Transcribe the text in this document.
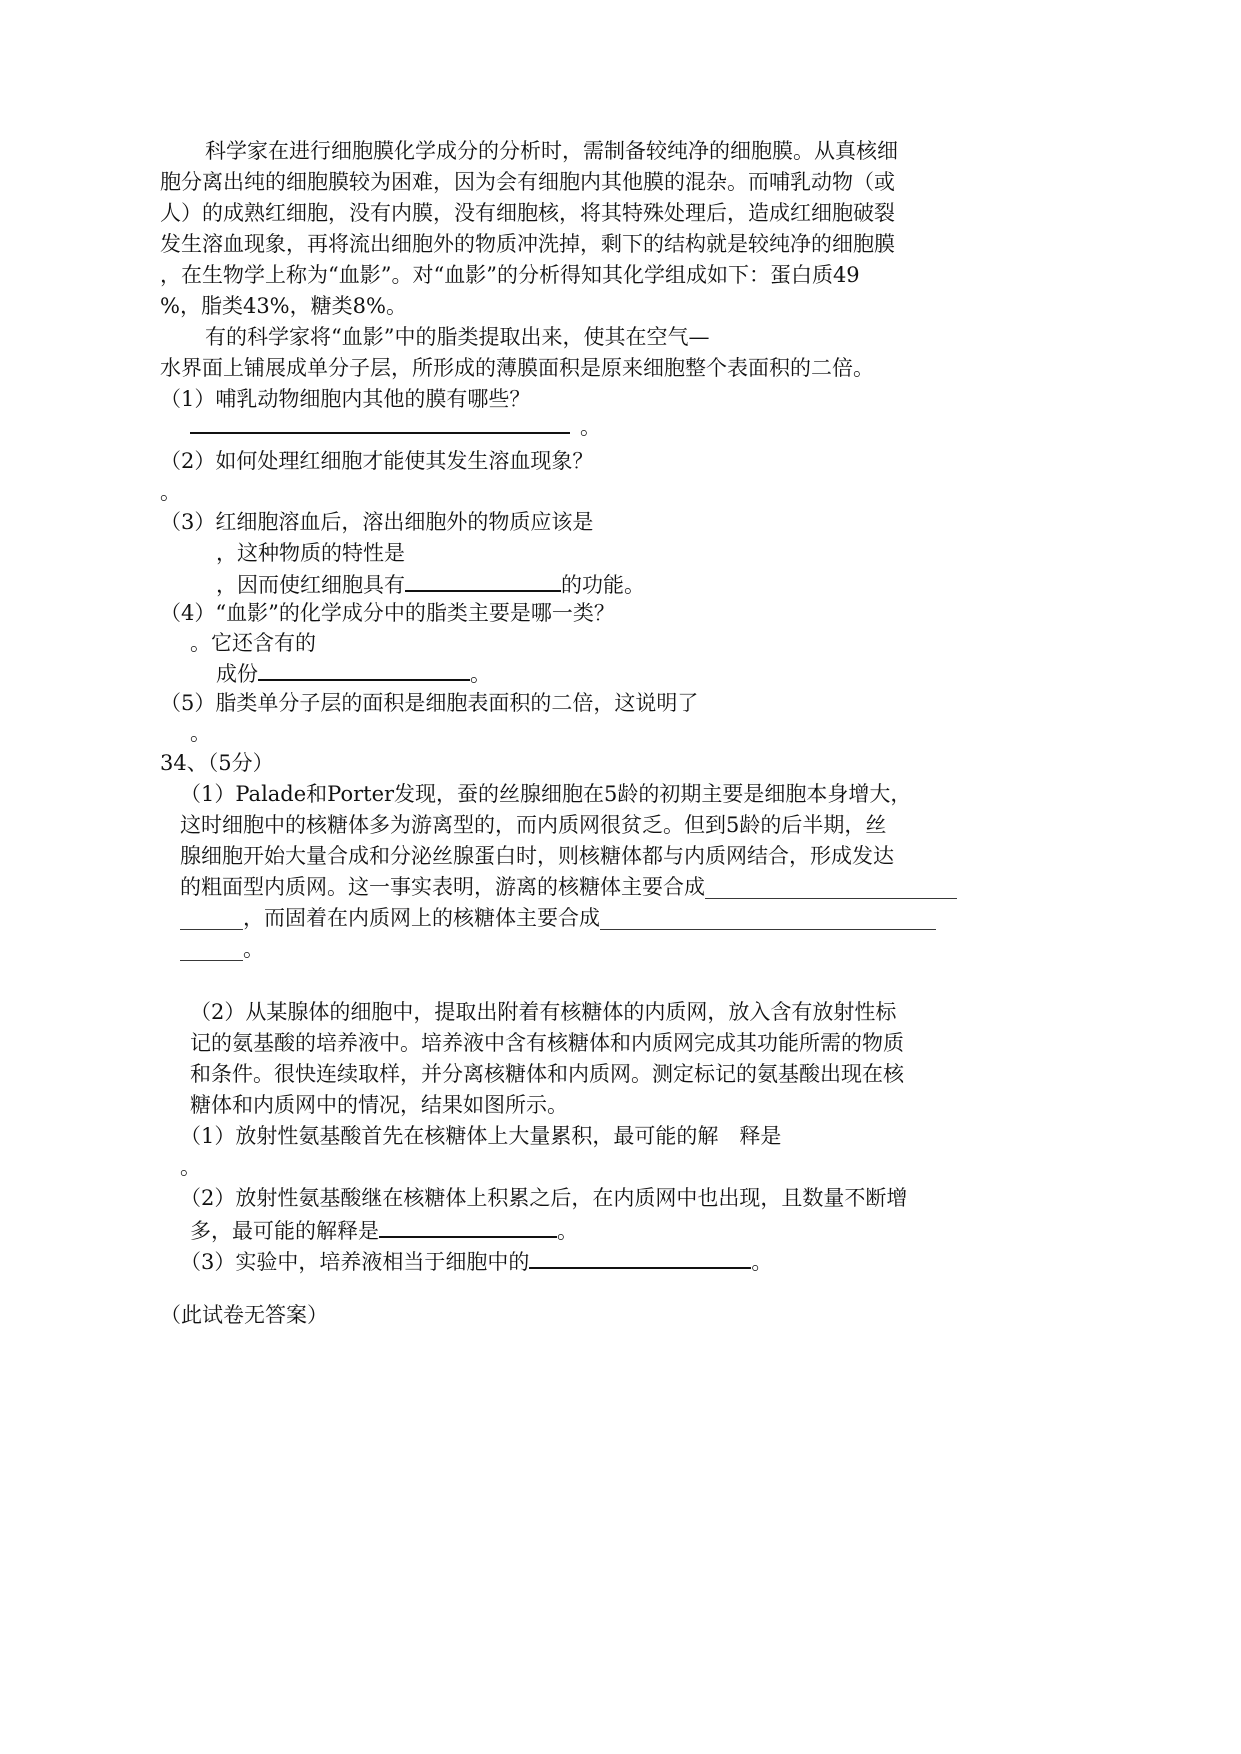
科学家在进行细胞膜化学成分的分析时，需制备较纯净的细胞膜。从真核细
胞分离出纯的细胞膜较为困难，因为会有细胞内其他膜的混杂。而哺乳动物（或
人）的成熟红细胞，没有内膜，没有细胞核，将其特殊处理后，造成红细胞破裂
发生溶血现象，再将流出细胞外的物质冲洗掉，剩下的结构就是较纯净的细胞膜
，在生物学上称为“血影”。对“血影”的分析得知其化学组成如下：蛋白质49
%，脂类43%，糖类8%。
有的科学家将“血影”中的脂类提取出来，使其在空气—
水界面上铺展成单分子层，所形成的薄膜面积是原来细胞整个表面积的二倍。
（1）哺乳动物细胞内其他的膜有哪些？
。
（2）如何处理红细胞才能使其发生溶血现象？
。
（3）红细胞溶血后，溶出细胞外的物质应该是
，这种物质的特性是
，因而使红细胞具有	的功能。
（4）“血影”的化学成分中的脂类主要是哪一类？
。它还含有的
成份	。
（5）脂类单分子层的面积是细胞表面积的二倍，这说明了
。
34、（5分）
（1）Palade和Porter发现，蚕的丝腺细胞在5龄的初期主要是细胞本身增大，
这时细胞中的核糖体多为游离型的，而内质网很贫乏。但到5龄的后半期，丝
腺细胞开始大量合成和分泌丝腺蛋白时，则核糖体都与内质网结合，形成发达
的粗面型内质网。这一事实表明，游离的核糖体主要合成________________________
______，而固着在内质网上的核糖体主要合成________________________________
______。
（2）从某腺体的细胞中，提取出附着有核糖体的内质网，放入含有放射性标
记的氨基酸的培养液中。培养液中含有核糖体和内质网完成其功能所需的物质
和条件。很快连续取样，并分离核糖体和内质网。测定标记的氨基酸出现在核
糖体和内质网中的情况，结果如图所示。
（1）放射性氨基酸首先在核糖体上大量累积，最可能的解　释是
。
（2）放射性氨基酸继在核糖体上积累之后，在内质网中也出现，且数量不断增
多，最可能的解释是	。
（3）实验中，培养液相当于细胞中的	。
（此试卷无答案）
